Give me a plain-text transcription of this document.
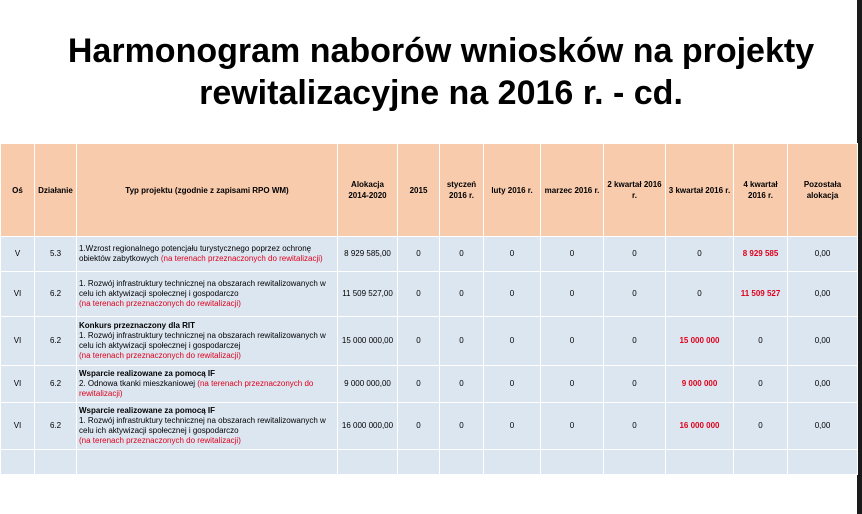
Harmonogram naborów wniosków na projekty
rewitalizacyjne na 2016 r. - cd.
Oś	Działanie	Typ projektu (zgodnie z zapisami RPO WM)	Alokacja 2014-2020	2015	styczeń 2016 r.	luty 2016 r.	marzec 2016 r.	2 kwartał 2016 r.	3 kwartał 2016 r.	4 kwartał 2016 r.	Pozostała alokacja
V	5.3	1.Wzrost regionalnego potencjału turystycznego poprzez ochronę obiektów zabytkowych (na terenach przeznaczonych do rewitalizacji)	8 929 585,00	0	0	0	0	0	0	8 929 585	0,00
VI	6.2	1. Rozwój infrastruktury technicznej na obszarach rewitalizowanych w celu ich aktywizacji społecznej i gospodarczo
(na terenach przeznaczonych do rewitalizacji)	11 509 527,00	0	0	0	0	0	0	11 509 527	0,00
VI	6.2	Konkurs przeznaczony dla RIT
1. Rozwój infrastruktury technicznej na obszarach rewitalizowanych w celu ich aktywizacji społecznej i gospodarczej
(na terenach przeznaczonych do rewitalizacji)	15 000 000,00	0	0	0	0	0	15 000 000	0	0,00
VI	6.2	Wsparcie realizowane za pomocą IF
2. Odnowa tkanki mieszkaniowej (na terenach przeznaczonych do rewitalizacji)	9 000 000,00	0	0	0	0	0	9 000 000	0	0,00
VI	6.2	Wsparcie realizowane za pomocą IF
1. Rozwój infrastruktury technicznej na obszarach rewitalizowanych w celu ich aktywizacji społecznej i gospodarczo
(na terenach przeznaczonych do rewitalizacji)	16 000 000,00	0	0	0	0	0	16 000 000	0	0,00
